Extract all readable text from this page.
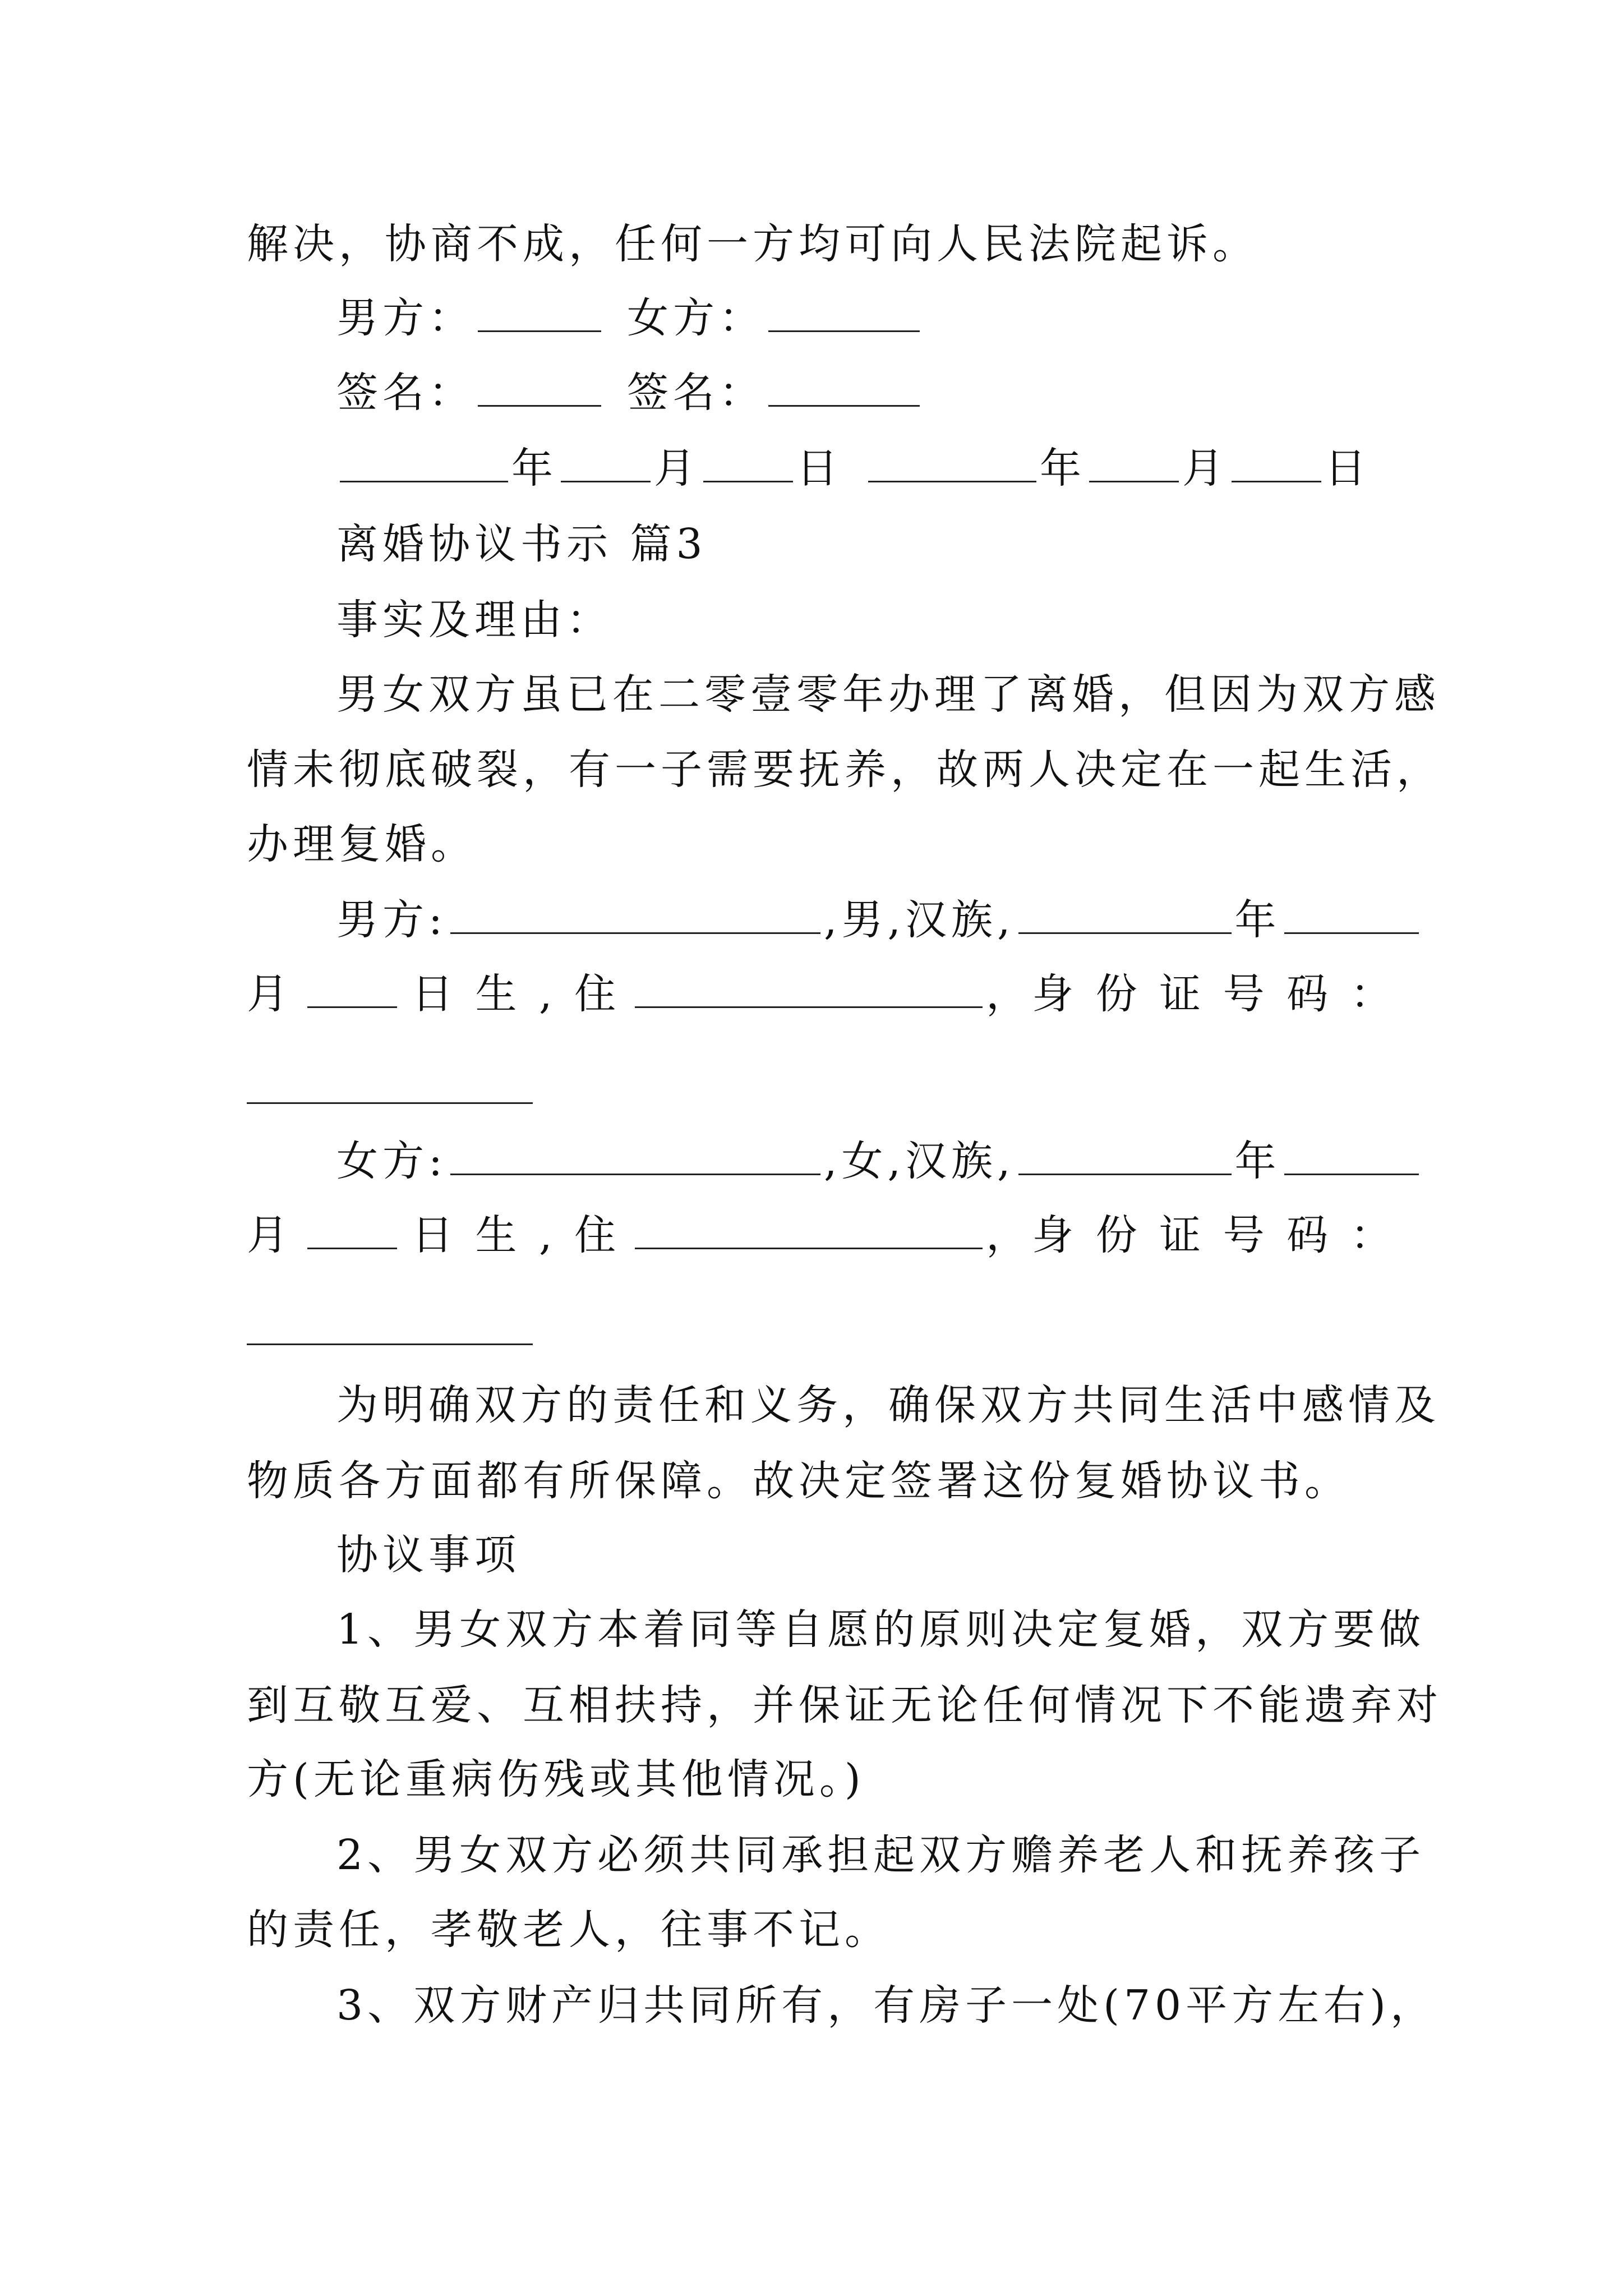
解决，协商不成，任何一方均可向人民法院起诉。
男方：	女方：
签名：	签名：
年 月 日	年 月 日
离婚协议书示 篇3
事实及理由：
男女双方虽已在二零壹零年办理了离婚，但因为双方感
情未彻底破裂，有一子需要抚养，故两人决定在一起生活，
办理复婚。
男方:	,男,汉族,	年
月	日 生 , 住	，身 份 证 号 码 ：
女方:	,女,汉族,	年
月	日 生 , 住	，身 份 证 号 码 ：
为明确双方的责任和义务，确保双方共同生活中感情及
物质各方面都有所保障。故决定签署这份复婚协议书。
协议事项
1、男女双方本着同等自愿的原则决定复婚，双方要做
到互敬互爱、互相扶持，并保证无论任何情况下不能遗弃对
方(无论重病伤残或其他情况。)
2、男女双方必须共同承担起双方赡养老人和抚养孩子
的责任，孝敬老人，往事不记。
3、双方财产归共同所有，有房子一处(70平方左右)，
